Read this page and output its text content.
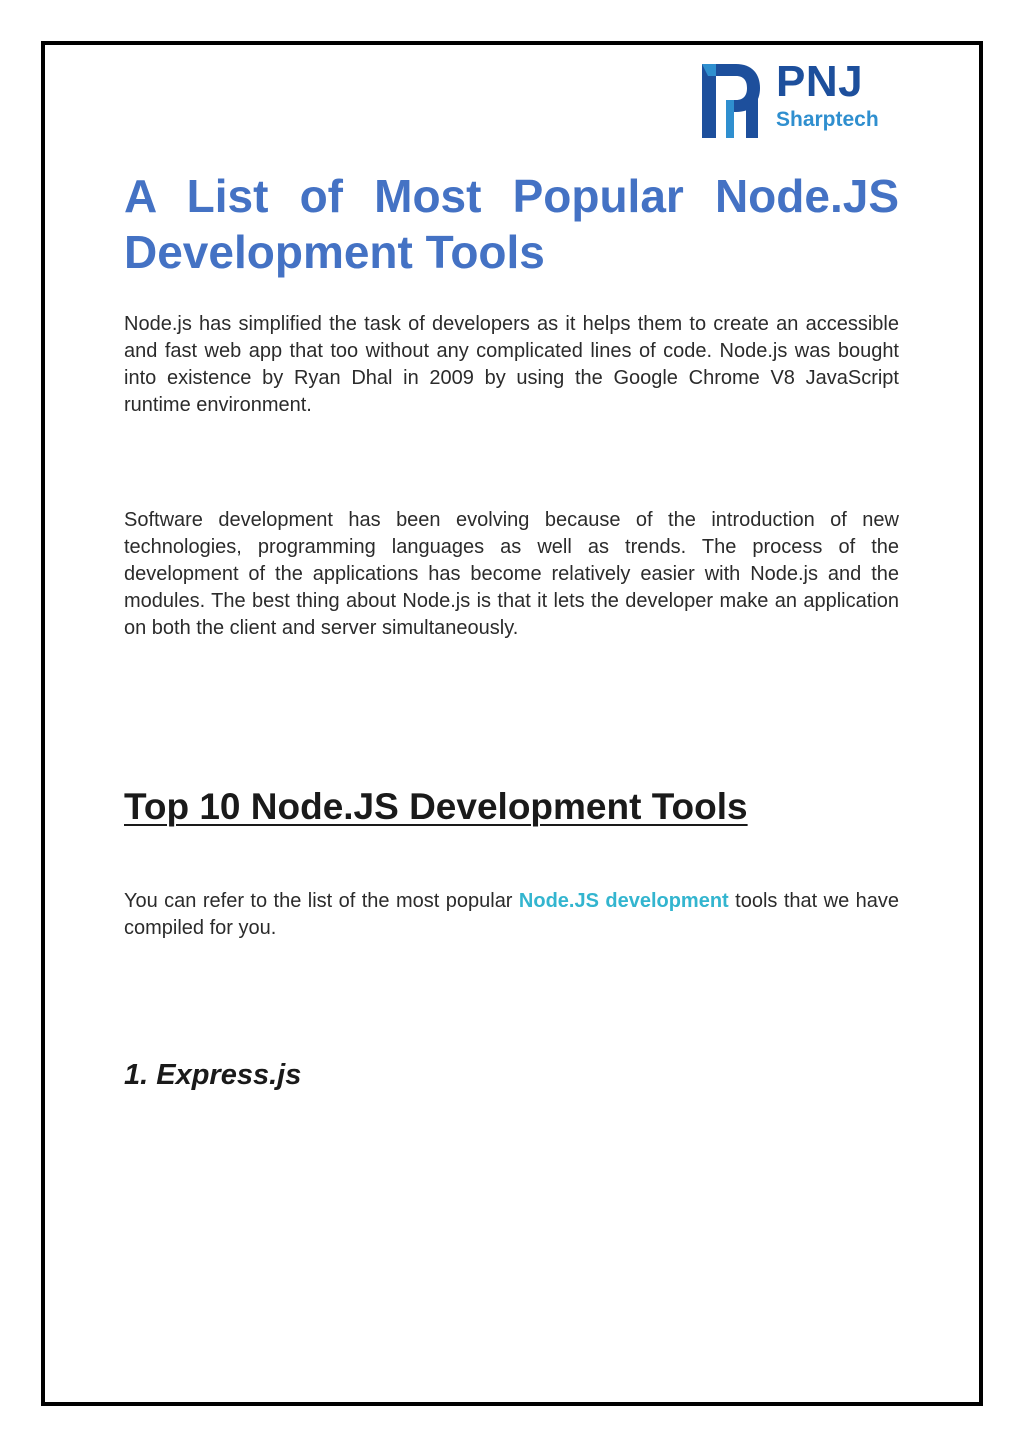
PNJ
Sharptech
A List of Most Popular Node.JS
Development Tools

Node.js has simplified the task of developers as it helps them to create an accessible and fast web app that too without any complicated lines of code. Node.js was bought into existence by Ryan Dhal in 2009 by using the Google Chrome V8 JavaScript runtime environment.

Software development has been evolving because of the introduction of new technologies, programming languages as well as trends. The process of the development of the applications has become relatively easier with Node.js and the modules. The best thing about Node.js is that it lets the developer make an application on both the client and server simultaneously.

Top 10 Node.JS Development Tools

You can refer to the list of the most popular Node.JS development tools that we have compiled for you.

1. Express.js
